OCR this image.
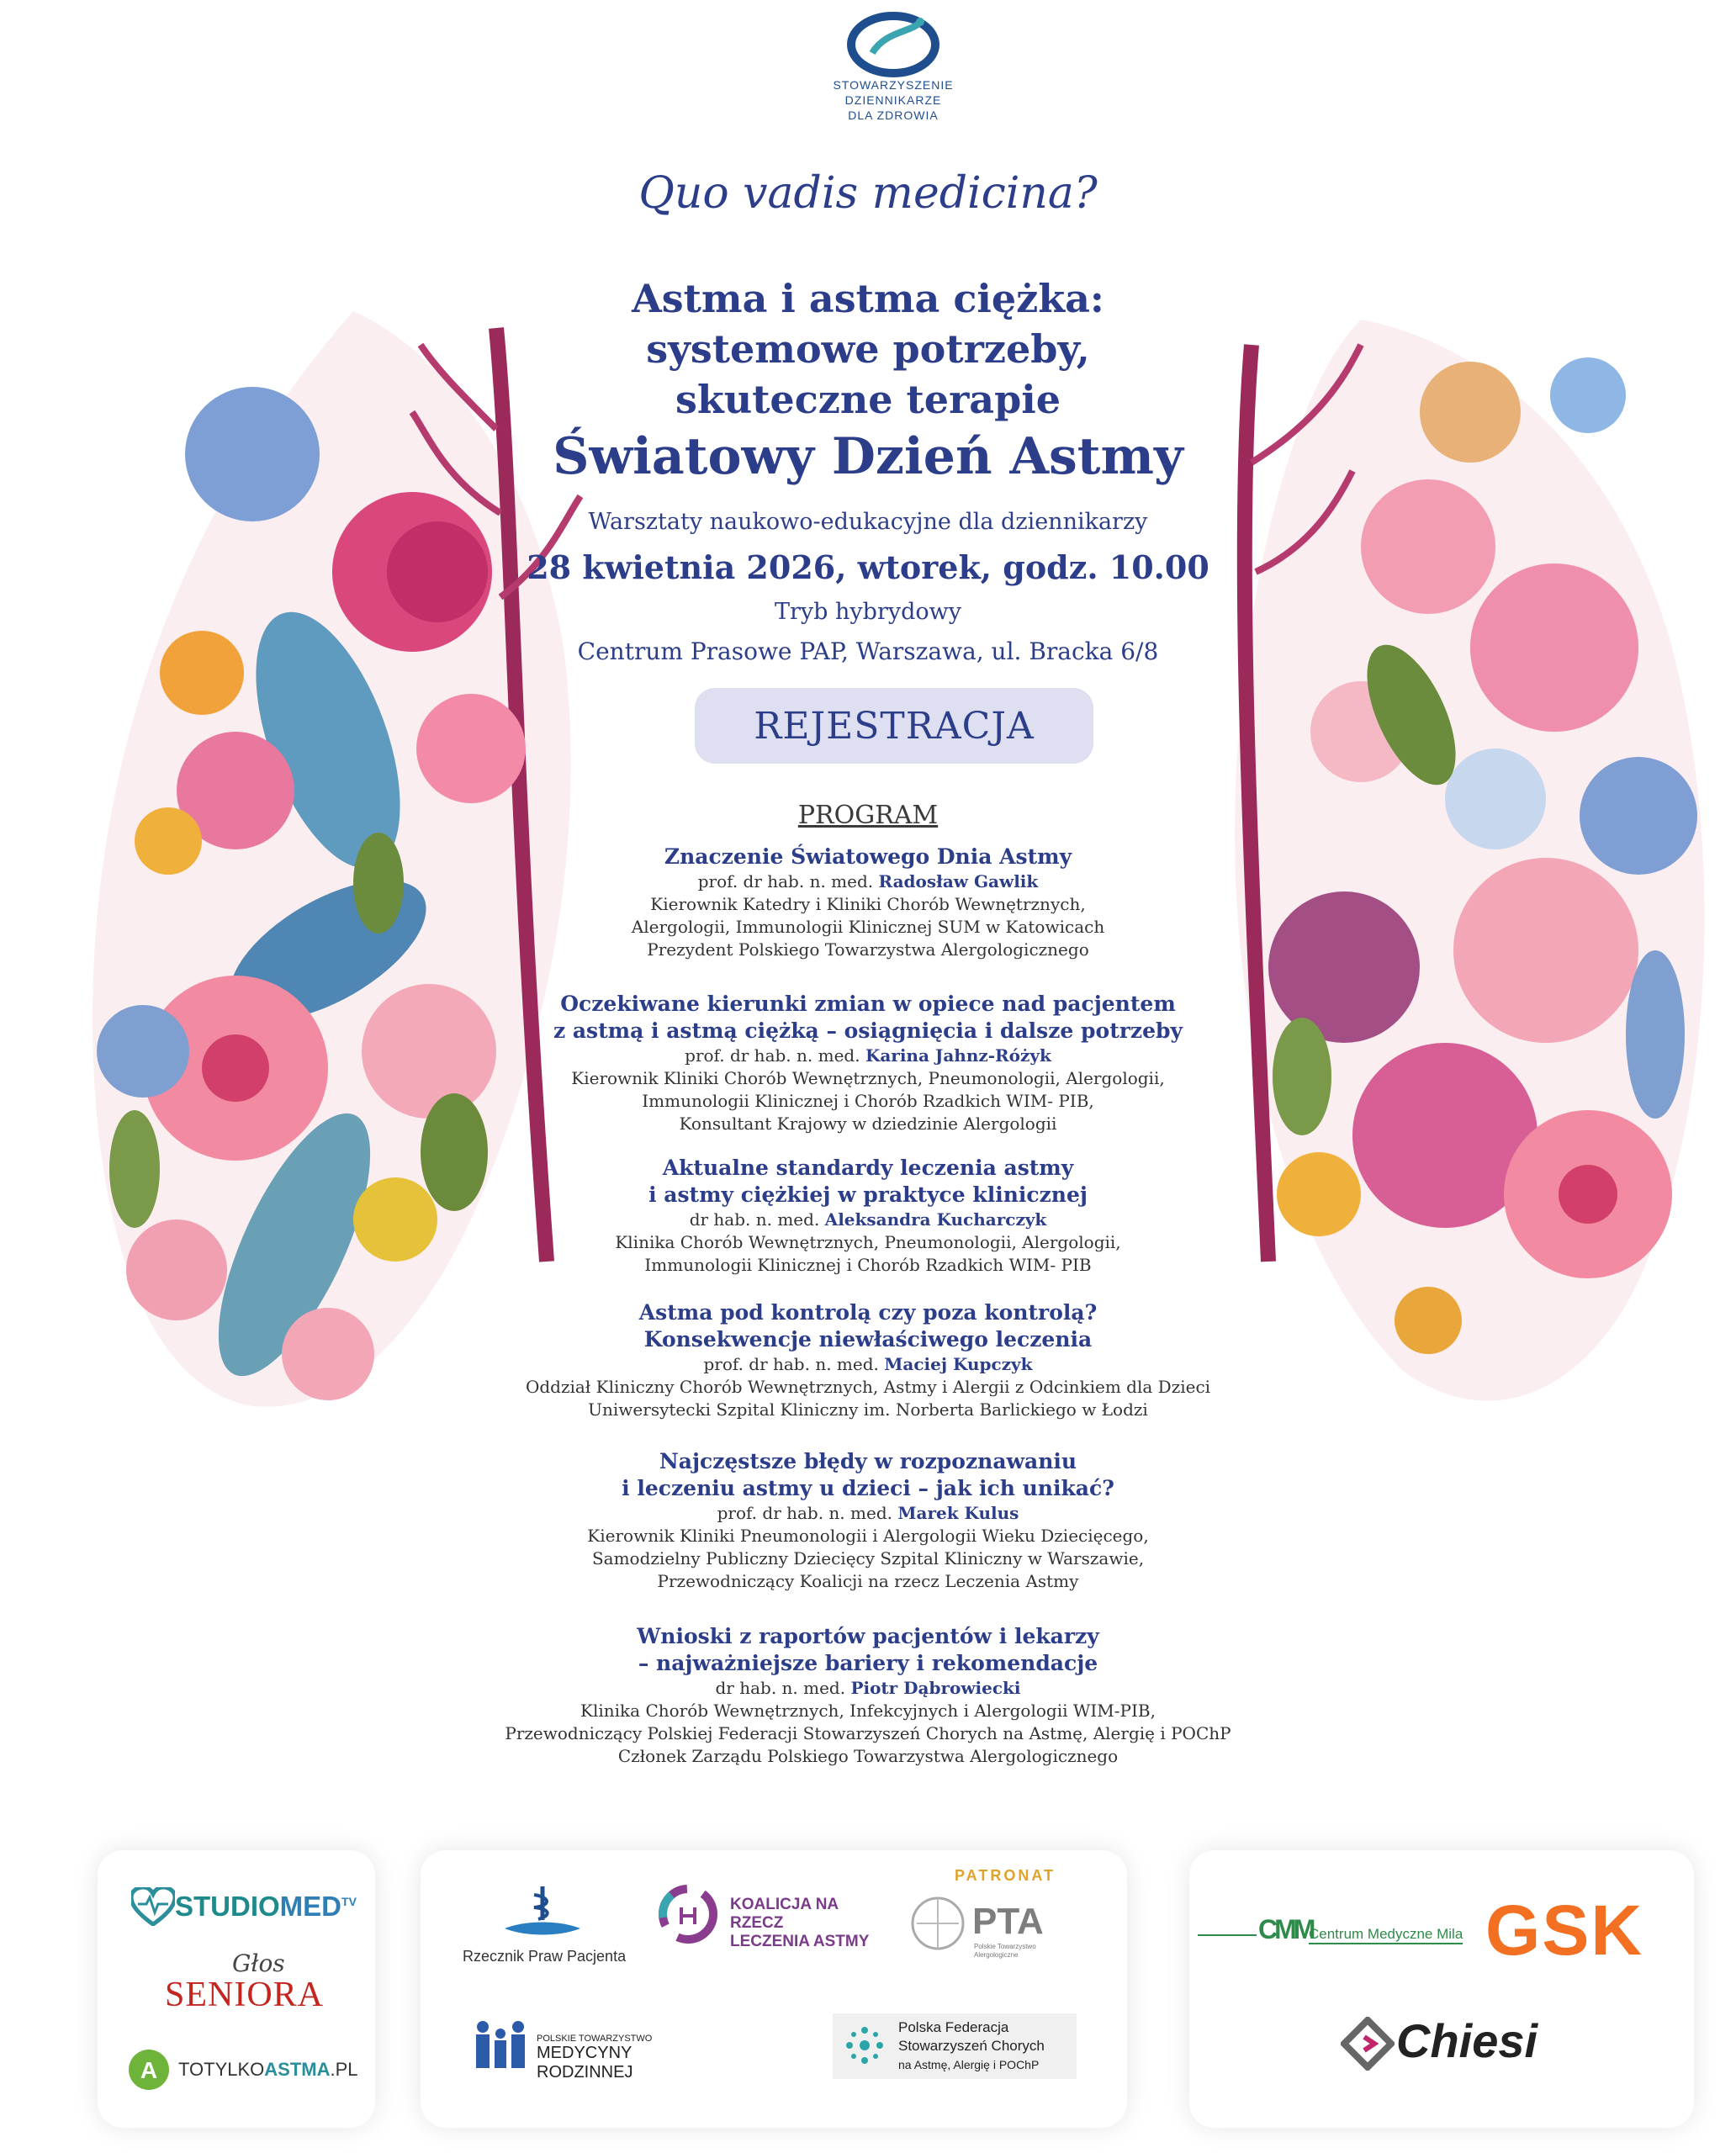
STOWARZYSZENIE
DZIENNIKARZE
DLA ZDROWIA
Quo vadis medicina?
Astma i astma ciężka:
systemowe potrzeby,
skuteczne terapie
Światowy Dzień Astmy
Warsztaty naukowo-edukacyjne dla dziennikarzy
28 kwietnia 2026, wtorek, godz. 10.00
Tryb hybrydowy
Centrum Prasowe PAP, Warszawa, ul. Bracka 6/8
REJESTRACJA
PROGRAM
Znaczenie Światowego Dnia Astmy
prof. dr hab. n. med. Radosław Gawlik
Kierownik Katedry i Kliniki Chorób Wewnętrznych,
Alergologii, Immunologii Klinicznej SUM w Katowicach
Prezydent Polskiego Towarzystwa Alergologicznego
Oczekiwane kierunki zmian w opiece nad pacjentem
z astmą i astmą ciężką – osiągnięcia i dalsze potrzeby
prof. dr hab. n. med. Karina Jahnz-Różyk
Kierownik Kliniki Chorób Wewnętrznych, Pneumonologii, Alergologii,
Immunologii Klinicznej i Chorób Rzadkich WIM- PIB,
Konsultant Krajowy w dziedzinie Alergologii
Aktualne standardy leczenia astmy
i astmy ciężkiej w praktyce klinicznej
dr hab. n. med. Aleksandra Kucharczyk
Klinika Chorób Wewnętrznych, Pneumonologii, Alergologii,
Immunologii Klinicznej i Chorób Rzadkich WIM- PIB
Astma pod kontrolą czy poza kontrolą?
Konsekwencje niewłaściwego leczenia
prof. dr hab. n. med. Maciej Kupczyk
Oddział Kliniczny Chorób Wewnętrznych, Astmy i Alergii z Odcinkiem dla Dzieci
Uniwersytecki Szpital Kliniczny im. Norberta Barlickiego w Łodzi
Najczęstsze błędy w rozpoznawaniu
i leczeniu astmy u dzieci – jak ich unikać?
prof. dr hab. n. med. Marek Kulus
Kierownik Kliniki Pneumonologii i Alergologii Wieku Dziecięcego,
Samodzielny Publiczny Dziecięcy Szpital Kliniczny w Warszawie,
Przewodniczący Koalicji na rzecz Leczenia Astmy
Wnioski z raportów pacjentów i lekarzy
– najważniejsze bariery i rekomendacje
dr hab. n. med. Piotr Dąbrowiecki
Klinika Chorób Wewnętrznych, Infekcyjnych i Alergologii WIM-PIB,
Przewodniczący Polskiej Federacji Stowarzyszeń Chorych na Astmę, Alergię i POChP
Członek Zarządu Polskiego Towarzystwa Alergologicznego
$STUDIOMED^{TV}$
Głos
SENIORA
A TOTYLKOASTMA.PL
Rzecznik Praw Pacjenta
KOALICJA NA RZECZ
LECZENIA ASTMY
PATRONAT
PTA
Polskie Towarzystwo
Alergologiczne
POLSKIE TOWARZYSTWO
MEDYCYNY RODZINNEJ
Polska Federacja
Stowarzyszeń Chorych
na Astmę, Alergię i POChP
CMM
Centrum Medyczne Mila GSK
Chiesi
